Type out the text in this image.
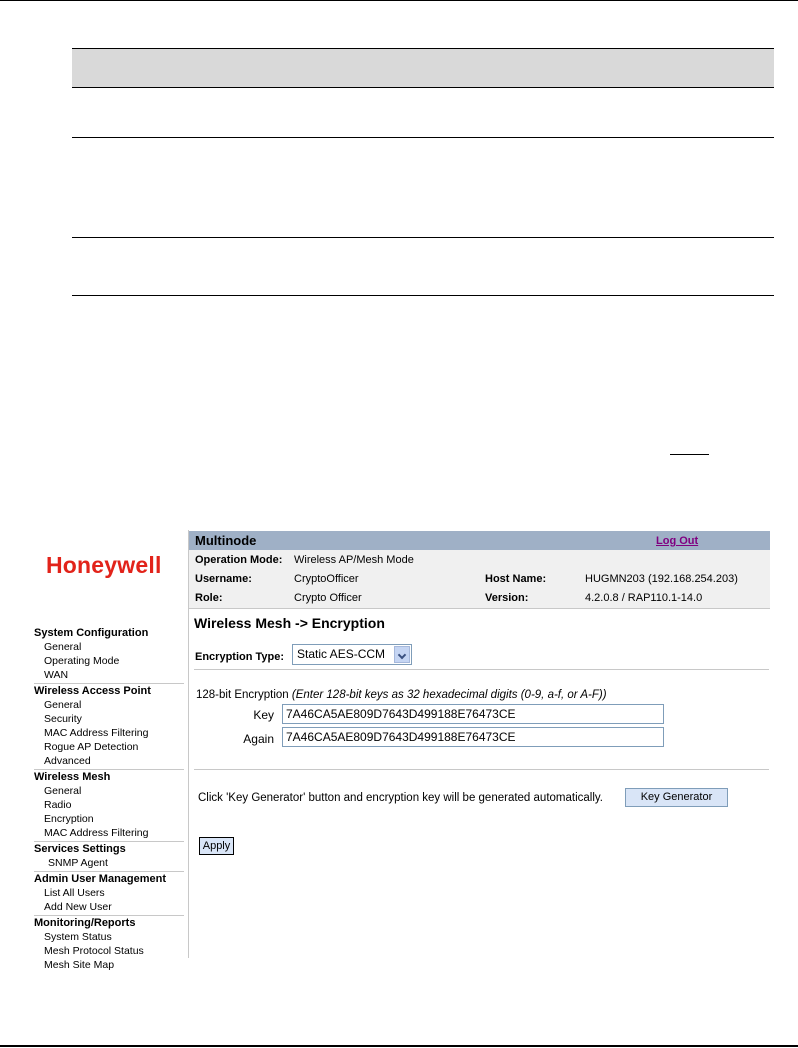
Honeywell
System Configuration
General
Operating Mode
WAN
Wireless Access Point
General
Security
MAC Address Filtering
Rogue AP Detection
Advanced
Wireless Mesh
General
Radio
Encryption
MAC Address Filtering
Services Settings
SNMP Agent
Admin User Management
List All Users
Add New User
Monitoring/Reports
System Status
Mesh Protocol Status
Mesh Site Map
Multinode	Log Out
Operation Mode: Wireless AP/Mesh Mode
Username:	CryptoOfficer	Host Name:	HUGMN203 (192.168.254.203)
Role:	Crypto Officer	Version:	4.2.0.8 / RAP110.1-14.0
Wireless Mesh -> Encryption
Encryption Type: Static AES-CCM
128-bit Encryption (Enter 128-bit keys as 32 hexadecimal digits (0-9, a-f, or A-F))
Key
7A46CA5AE809D7643D499188E76473CE
Again
7A46CA5AE809D7643D499188E76473CE
Click 'Key Generator' button and encryption key will be generated automatically.	Key Generator
Apply
